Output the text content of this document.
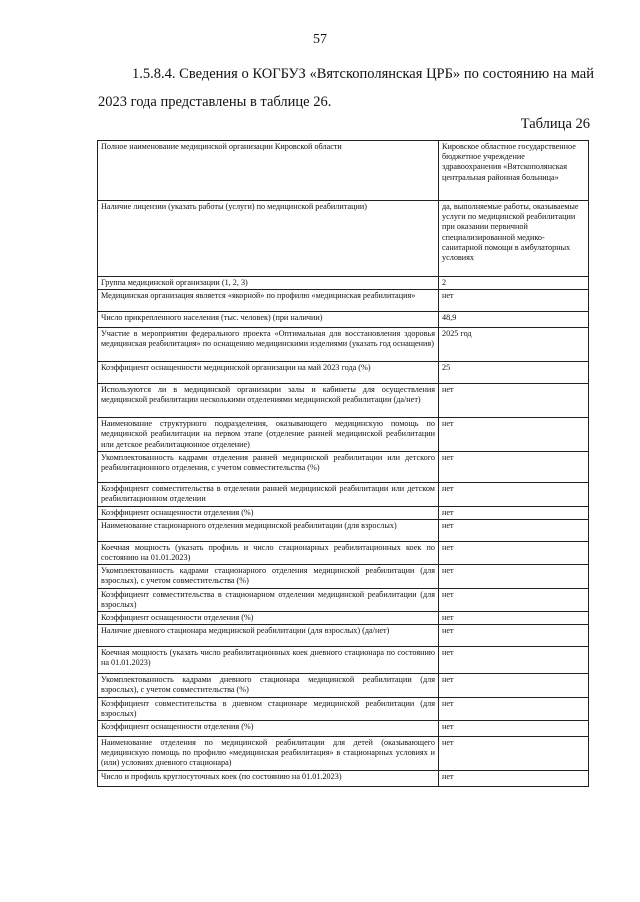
57

1.5.8.4. Сведения о КОГБУЗ «Вятскополянская ЦРБ» по состоянию на май 2023 года представлены в таблице 26.

Таблица 26
Полное наименование медицинской организации Кировской области	Кировское областное государственное бюджетное учреждение здравоохранения «Вятскополянская центральная районная больница»
Наличие лицензии (указать работы (услуги) по медицинской реабилитации)	да, выполняемые работы, оказываемые услуги по медицинской реабилитации при оказании первичной специализированной медико-санитарной помощи в амбулаторных условиях
Группа медицинской организации (1, 2, 3)	2
Медицинская организация является «якорной» по профилю «медицинская реабилитация»	нет
Число прикрепленного населения (тыс. человек) (при наличии)	48,9
Участие в мероприятии федерального проекта «Оптимальная для восстановления здоровья медицинская реабилитация» по оснащению медицинскими изделиями (указать год оснащения)	2025 год
Коэффициент оснащенности медицинской организации на май 2023 года (%)	25
Используются ли в медицинской организации залы и кабинеты для осуществления медицинской реабилитации несколькими отделениями медицинской реабилитации (да/нет)	нет
Наименование структурного подразделения, оказывающего медицинскую помощь по медицинской реабилитации на первом этапе (отделение ранней медицинской реабилитации или детское реабилитационное отделение)	нет
Укомплектованность кадрами отделения ранней медицинской реабилитации или детского реабилитационного отделения, с учетом совместительства (%)	нет
Коэффициент совместительства в отделении ранней медицинской реабилитации или детском реабилитационном отделении	нет
Коэффициент оснащенности отделения (%)	нет
Наименование стационарного отделения медицинской реабилитации (для взрослых)	нет
Коечная мощность (указать профиль и число стационарных реабилитационных коек по состоянию на 01.01.2023)	нет
Укомплектованность кадрами стационарного отделения медицинской реабилитации (для взрослых), с учетом совместительства (%)	нет
Коэффициент совместительства в стационарном отделении медицинской реабилитации (для взрослых)	нет
Коэффициент оснащенности отделения (%)	нет
Наличие дневного стационара медицинской реабилитации (для взрослых) (да/нет)	нет
Коечная мощность (указать число реабилитационных коек дневного стационара по состоянию на 01.01.2023)	нет
Укомплектованность кадрами дневного стационара медицинской реабилитации (для взрослых), с учетом совместительства (%)	нет
Коэффициент совместительства в дневном стационаре медицинской реабилитации (для взрослых)	нет
Коэффициент оснащенности отделения (%)	нет
Наименование отделения по медицинской реабилитации для детей (оказывающего медицинскую помощь по профилю «медицинская реабилитация» в стационарных условиях и (или) условиях дневного стационара)	нет
Число и профиль круглосуточных коек (по состоянию на 01.01.2023)	нет
